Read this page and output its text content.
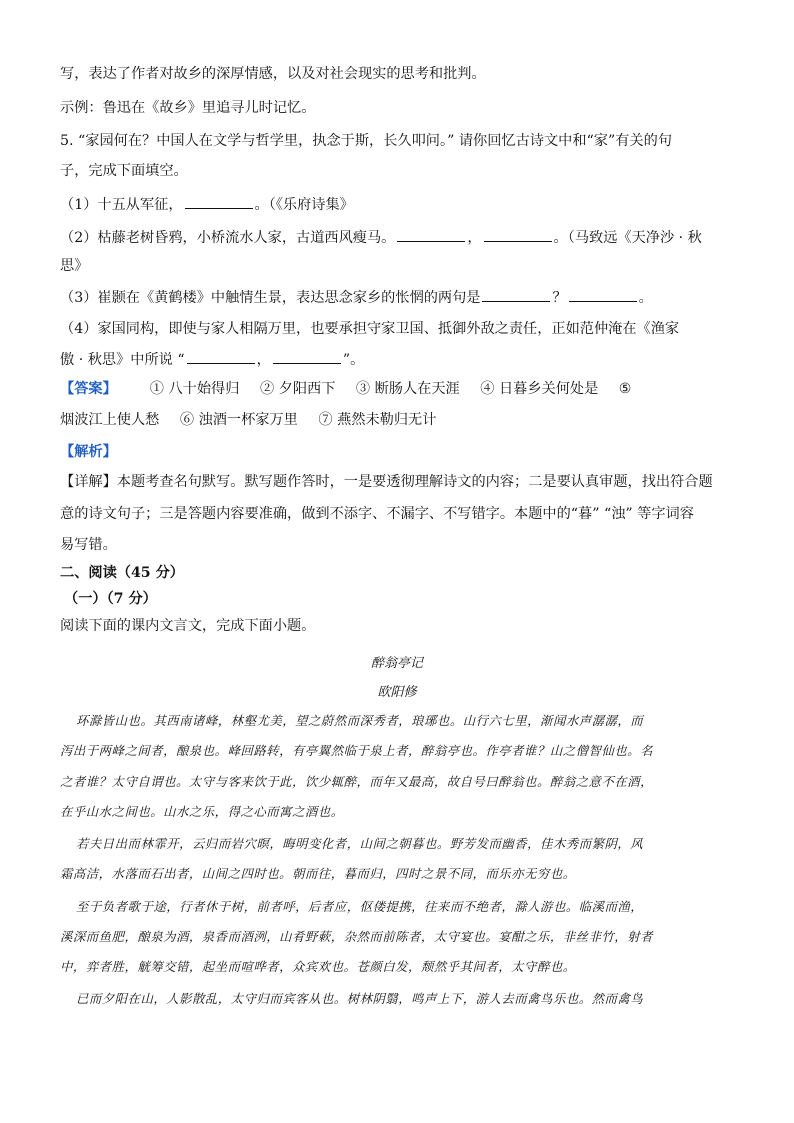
写，表达了作者对故乡的深厚情感，以及对社会现实的思考和批判。
示例：鲁迅在《故乡》里追寻儿时记忆。
5. “家园何在？中国人在文学与哲学里，执念于斯，长久叩问。” 请你回忆古诗文中和“家”有关的句
子，完成下面填空。
（1）十五从军征，	。（《乐府诗集》
（2）枯藤老树昏鸦，小桥流水人家，古道西风瘦马。	，	。（马致远《天净沙 · 秋
思》
（3）崔颢在《黄鹤楼》中触情生景，表达思念家乡的怅惘的两句是	？	。
（4）家国同构，即使与家人相隔万里，也要承担守家卫国、抵御外敌之责任，正如范仲淹在《渔家
傲 · 秋思》中所说 “	，	”。
【答案】 ① 八十始得归 ② 夕阳西下 ③ 断肠人在天涯 ④ 日暮乡关何处是 ⑤
烟波江上使人愁 ⑥ 浊酒一杯家万里 ⑦ 燕然未勒归无计
【解析】
【详解】本题考查名句默写。默写题作答时，一是要透彻理解诗文的内容；二是要认真审题，找出符合题
意的诗文句子；三是答题内容要准确，做到不添字、不漏字、不写错字。本题中的“暮” “浊” 等字词容
易写错。
二、阅读（45 分）
（一）（7 分）
阅读下面的课内文言文，完成下面小题。
醉翁亭记
欧阳修
环滁皆山也。其西南诸峰，林壑尤美，望之蔚然而深秀者，琅琊也。山行六七里，渐闻水声潺潺，而
泻出于两峰之间者，酿泉也。峰回路转，有亭翼然临于泉上者，醉翁亭也。作亭者谁？山之僧智仙也。名
之者谁？太守自谓也。太守与客来饮于此，饮少辄醉，而年又最高，故自号曰醉翁也。醉翁之意不在酒，
在乎山水之间也。山水之乐，得之心而寓之酒也。
若夫日出而林霏开，云归而岩穴暝，晦明变化者，山间之朝暮也。野芳发而幽香，佳木秀而繁阴，风
霜高洁，水落而石出者，山间之四时也。朝而往，暮而归，四时之景不同，而乐亦无穷也。
至于负者歌于途，行者休于树，前者呼，后者应，伛偻提携，往来而不绝者，滁人游也。临溪而渔，
溪深而鱼肥，酿泉为酒，泉香而酒洌，山肴野蔌，杂然而前陈者，太守宴也。宴酣之乐，非丝非竹，射者
中，弈者胜，觥筹交错，起坐而喧哗者，众宾欢也。苍颜白发，颓然乎其间者，太守醉也。
已而夕阳在山，人影散乱，太守归而宾客从也。树林阴翳，鸣声上下，游人去而禽鸟乐也。然而禽鸟
